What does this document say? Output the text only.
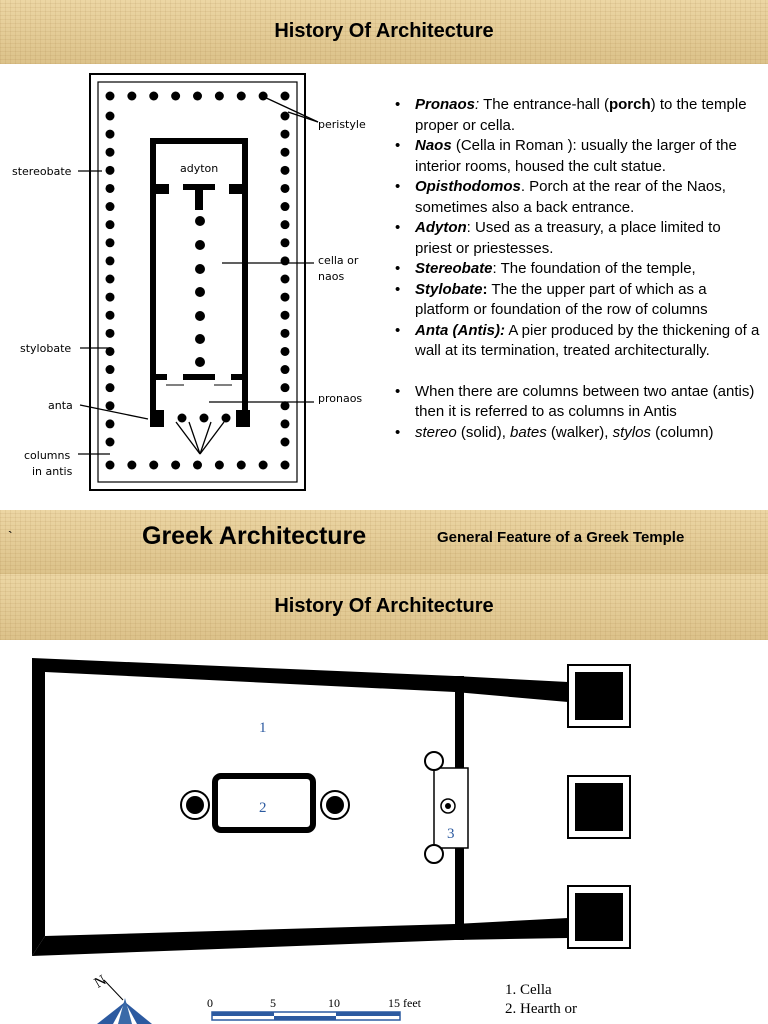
History Of Architecture
peristyle
stereobate	adyton
cella or
naos
stylobate
pronaos
anta
columns
in antis
• Pronaos: The entrance-hall (porch) to the temple proper or cella.
• Naos (Cella in Roman ): usually the larger of the interior rooms, housed the cult statue.
• Opisthodomos. Porch at the rear of the Naos, sometimes also a back entrance.
• Adyton: Used as a treasury, a place limited to priest or priestesses.
• Stereobate: The foundation of the temple,
• Stylobate: The the upper part of which as a platform or foundation of the row of columns
• Anta (Antis): A pier produced by the thickening of a wall at its termination, treated architecturally.
• When there are columns between two antae (antis) then it is referred to as columns in Antis
• stereo (solid), bates (walker), stylos (column)
`	Greek Architecture	General Feature of a Greek Temple
History Of Architecture
1
2
3
N
0	5	10	15 feet
1. Cella
2. Hearth or
